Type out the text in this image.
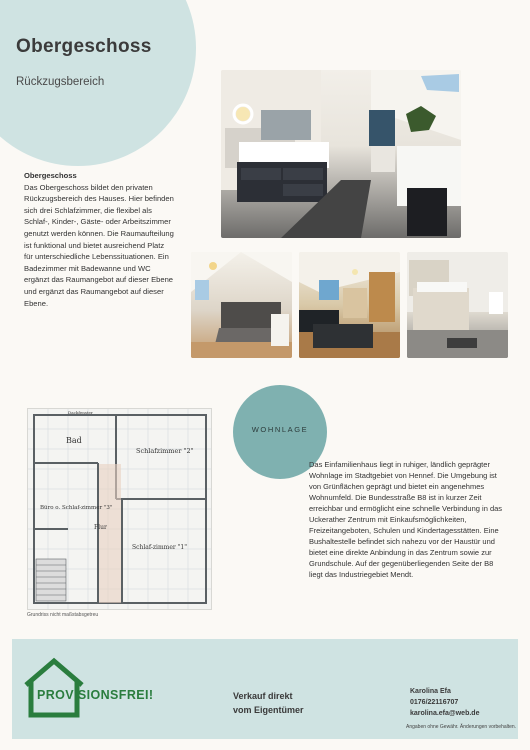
Obergeschoss
Rückzugsbereich
Obergeschoss
Das Obergeschoss bildet den privaten Rückzugsbereich des Hauses. Hier befinden sich drei Schlafzimmer, die flexibel als Schlaf-, Kinder-, Gäste- oder Arbeitszimmer genutzt werden können. Die Raumaufteilung ist funktional und bietet ausreichend Platz für unterschiedliche Lebenssituationen. Ein Badezimmer mit Badewanne und WC ergänzt das Raumangebot auf dieser Ebene und ergänzt das Raumangebot auf dieser Ebene.
Bad
Schlafzimmer "2"
Büro o. Schlaf-zimmer "3"
Flur
Schlaf-zimmer "1"
Dachfenster
Grundriss nicht maßstabsgetreu
WOHNLAGE
Das Einfamilienhaus liegt in ruhiger, ländlich geprägter Wohnlage im Stadtgebiet von Hennef. Die Umgebung ist von Grünflächen geprägt und bietet ein angenehmes Wohnumfeld. Die Bundesstraße B8 ist in kurzer Zeit erreichbar und ermöglicht eine schnelle Verbindung in das Uckerather Zentrum mit Einkaufsmöglichkeiten, Freizeitangeboten, Schulen und Kindertagesstätten. Eine Bushaltestelle befindet sich nahezu vor der Haustür und bietet eine direkte Anbindung in das Zentrum sowie zur Grundschule. Auf der gegenüberliegenden Seite der B8 liegt das Industriegebiet Mendt.
PROVISIONSFREI!	Verkauf direkt
vom Eigentümer
Karolina Efa
0176/22116707
karolina.efa@web.de
Angaben ohne Gewähr. Änderungen vorbehalten.
